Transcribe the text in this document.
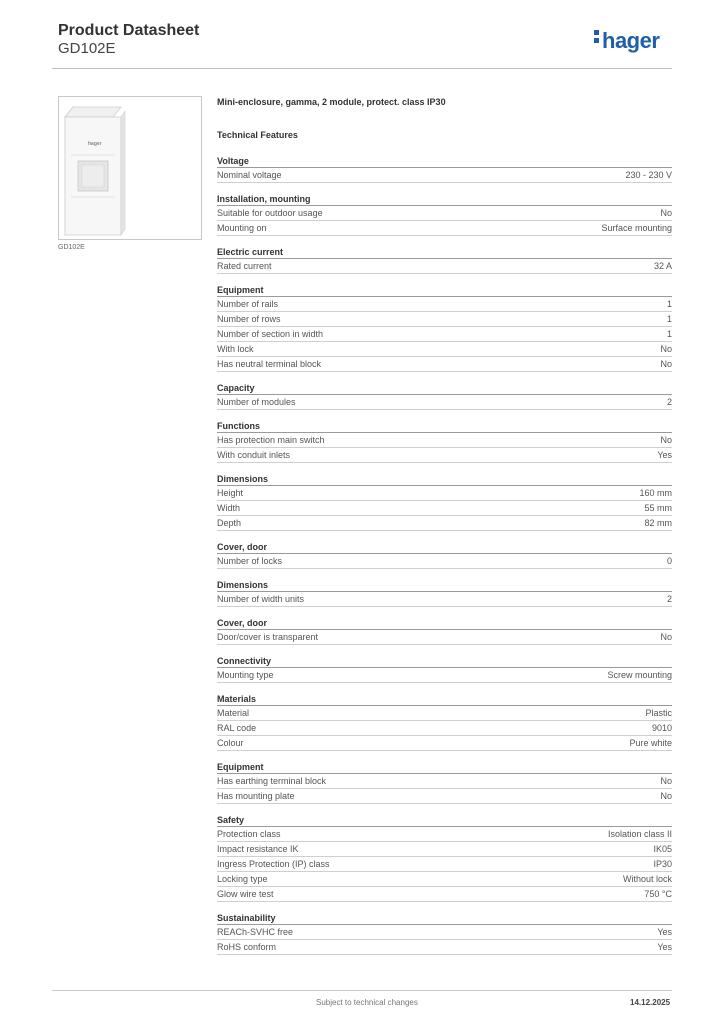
Product Datasheet
GD102E	hager
hager
GD102E
Mini-enclosure, gamma, 2 module, protect. class IP30
Technical Features
Voltage
Nominal voltage	230 - 230 V
Installation, mounting
Suitable for outdoor usage	No
Mounting on	Surface mounting
Electric current
Rated current	32 A
Equipment
Number of rails	1
Number of rows	1
Number of section in width	1
With lock	No
Has neutral terminal block	No
Capacity
Number of modules	2
Functions
Has protection main switch	No
With conduit inlets	Yes
Dimensions
Height	160 mm
Width	55 mm
Depth	82 mm
Cover, door
Number of locks	0
Dimensions
Number of width units	2
Cover, door
Door/cover is transparent	No
Connectivity
Mounting type	Screw mounting
Materials
Material	Plastic
RAL code	9010
Colour	Pure white
Equipment
Has earthing terminal block	No
Has mounting plate	No
Safety
Protection class	Isolation class II
Impact resistance IK	IK05
Ingress Protection (IP) class	IP30
Locking type	Without lock
Glow wire test	750 °C
Sustainability
REACh-SVHC free	Yes
RoHS conform	Yes
Subject to technical changes	14.12.2025
